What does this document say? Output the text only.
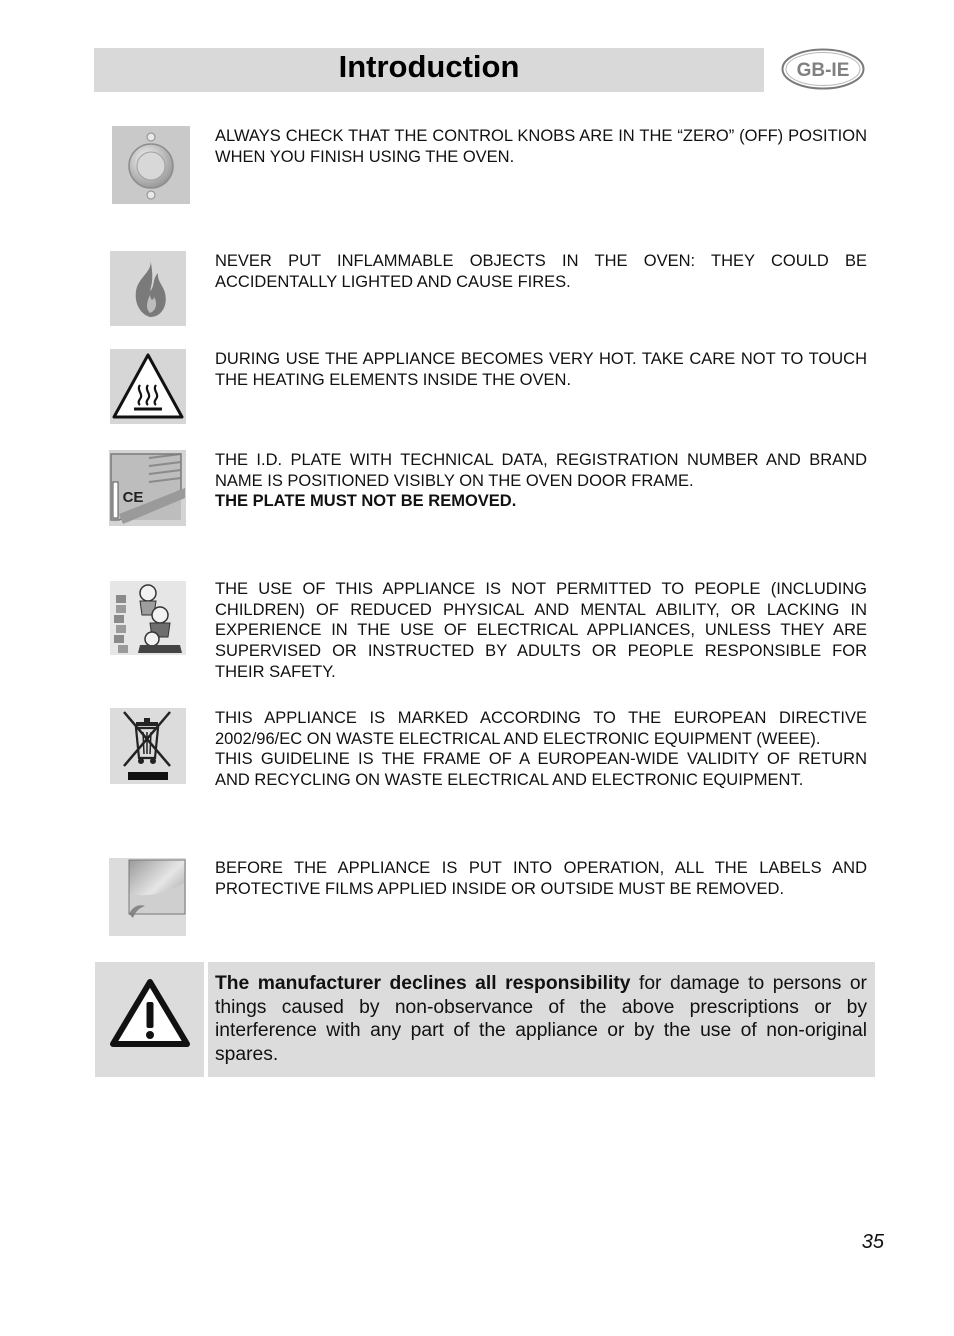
Introduction	GB-IE
ALWAYS CHECK THAT THE CONTROL KNOBS ARE IN THE “ZERO” (OFF) POSITION WHEN YOU FINISH USING THE OVEN.
NEVER PUT INFLAMMABLE OBJECTS IN THE OVEN: THEY COULD BE ACCIDENTALLY LIGHTED AND CAUSE FIRES.
DURING USE THE APPLIANCE BECOMES VERY HOT. TAKE CARE NOT TO TOUCH THE HEATING ELEMENTS INSIDE THE OVEN.
CE

THE I.D. PLATE WITH TECHNICAL DATA, REGISTRATION NUMBER AND BRAND NAME IS POSITIONED VISIBLY ON THE OVEN DOOR FRAME.

THE PLATE MUST NOT BE REMOVED.

THE USE OF THIS APPLIANCE IS NOT PERMITTED TO PEOPLE (INCLUDING CHILDREN) OF REDUCED PHYSICAL AND MENTAL ABILITY, OR LACKING IN EXPERIENCE IN THE USE OF ELECTRICAL APPLIANCES, UNLESS THEY ARE SUPERVISED OR INSTRUCTED BY ADULTS OR PEOPLE RESPONSIBLE FOR THEIR SAFETY.

THIS APPLIANCE IS MARKED ACCORDING TO THE EUROPEAN DIRECTIVE 2002/96/EC ON WASTE ELECTRICAL AND ELECTRONIC EQUIPMENT (WEEE).

THIS GUIDELINE IS THE FRAME OF A EUROPEAN-WIDE VALIDITY OF RETURN AND RECYCLING ON WASTE ELECTRICAL AND ELECTRONIC EQUIPMENT.

BEFORE THE APPLIANCE IS PUT INTO OPERATION, ALL THE LABELS AND PROTECTIVE FILMS APPLIED INSIDE OR OUTSIDE MUST BE REMOVED.
The manufacturer declines all responsibility for damage to persons or things caused by non-observance of the above prescriptions or by interference with any part of the appliance or by the use of non-original spares.
35
